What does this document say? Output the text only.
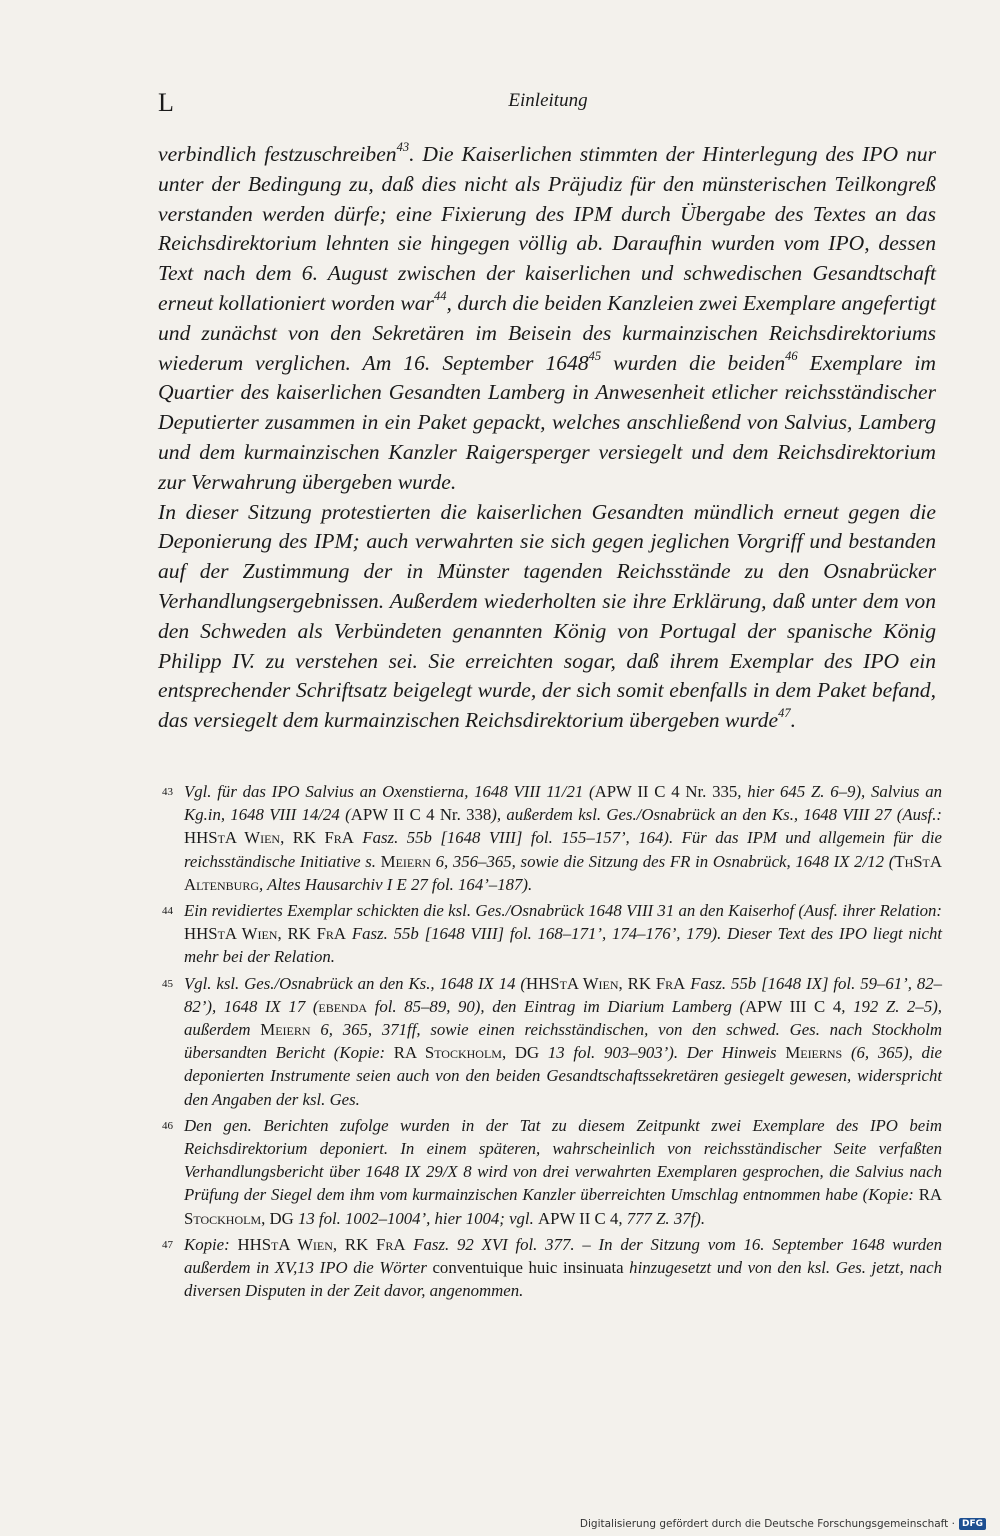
L	Einleitung

verbindlich festzuschreiben$^{43}$. Die Kaiserlichen stimmten der Hinterlegung des IPO nur unter der Bedingung zu, daß dies nicht als Präjudiz für den münsterischen Teilkongreß verstanden werden dürfe; eine Fixierung des IPM durch Übergabe des Textes an das Reichsdirektorium lehnten sie hingegen völlig ab. Daraufhin wurden vom IPO, dessen Text nach dem 6. August zwischen der kaiserlichen und schwedischen Gesandtschaft erneut kollationiert worden war$^{44}$, durch die beiden Kanzleien zwei Exemplare angefertigt und zunächst von den Sekretären im Beisein des kurmainzischen Reichsdirektoriums wiederum verglichen. Am 16. September 1648$^{45}$ wurden die beiden$^{46}$ Exemplare im Quartier des kaiserlichen Gesandten Lamberg in Anwesenheit etlicher reichsständischer Deputierter zusammen in ein Paket gepackt, welches anschließend von Salvius, Lamberg und dem kurmainzischen Kanzler Raigersperger versiegelt und dem Reichsdirektorium zur Verwahrung übergeben wurde.

In dieser Sitzung protestierten die kaiserlichen Gesandten mündlich erneut gegen die Deponierung des IPM; auch verwahrten sie sich gegen jeglichen Vorgriff und bestanden auf der Zustimmung der in Münster tagenden Reichsstände zu den Osnabrücker Verhandlungsergebnissen. Außerdem wiederholten sie ihre Erklärung, daß unter dem von den Schweden als Verbündeten genannten König von Portugal der spanische König Philipp IV. zu verstehen sei. Sie erreichten sogar, daß ihrem Exemplar des IPO ein entsprechender Schriftsatz beigelegt wurde, der sich somit ebenfalls in dem Paket befand, das versiegelt dem kurmainzischen Reichsdirektorium übergeben wurde$^{47}$.

43 Vgl. für das IPO Salvius an Oxenstierna, 1648 VIII 11/21 (APW II C 4 Nr. 335, hier 645 Z. 6–9), Salvius an Kg.in, 1648 VIII 14/24 (APW II C 4 Nr. 338), außerdem ksl. Ges./Osnabrück an den Ks., 1648 VIII 27 (Ausf.: HHStA Wien, RK FrA Fasz. 55b [1648 VIII] fol. 155–157’, 164). Für das IPM und allgemein für die reichsständische Initiative s. Meiern 6, 356–365, sowie die Sitzung des FR in Osnabrück, 1648 IX 2/12 (ThStA Altenburg, Altes Hausarchiv I E 27 fol. 164’–187).
44 Ein revidiertes Exemplar schickten die ksl. Ges./Osnabrück 1648 VIII 31 an den Kaiserhof (Ausf. ihrer Relation: HHStA Wien, RK FrA Fasz. 55b [1648 VIII] fol. 168–171’, 174–176’, 179). Dieser Text des IPO liegt nicht mehr bei der Relation.
45 Vgl. ksl. Ges./Osnabrück an den Ks., 1648 IX 14 (HHStA Wien, RK FrA Fasz. 55b [1648 IX] fol. 59–61’, 82–82’), 1648 IX 17 (ebenda fol. 85–89, 90), den Eintrag im Diarium Lamberg (APW III C 4, 192 Z. 2–5), außerdem Meiern 6, 365, 371ff, sowie einen reichsständischen, von den schwed. Ges. nach Stockholm übersandten Bericht (Kopie: RA Stockholm, DG 13 fol. 903–903’). Der Hinweis Meierns (6, 365), die deponierten Instrumente seien auch von den beiden Gesandtschaftssekretären gesiegelt gewesen, widerspricht den Angaben der ksl. Ges.
46 Den gen. Berichten zufolge wurden in der Tat zu diesem Zeitpunkt zwei Exemplare des IPO beim Reichsdirektorium deponiert. In einem späteren, wahrscheinlich von reichsständischer Seite verfaßten Verhandlungsbericht über 1648 IX 29/X 8 wird von drei verwahrten Exemplaren gesprochen, die Salvius nach Prüfung der Siegel dem ihm vom kurmainzischen Kanzler überreichten Umschlag entnommen habe (Kopie: RA Stockholm, DG 13 fol. 1002–1004’, hier 1004; vgl. APW II C 4, 777 Z. 37f).
47 Kopie: HHStA Wien, RK FrA Fasz. 92 XVI fol. 377. – In der Sitzung vom 16. September 1648 wurden außerdem in XV,13 IPO die Wörter conventuique huic insinuata hinzugesetzt und von den ksl. Ges. jetzt, nach diversen Disputen in der Zeit davor, angenommen.
Digitalisierung gefördert durch die Deutsche Forschungsgemeinschaft · DFG
